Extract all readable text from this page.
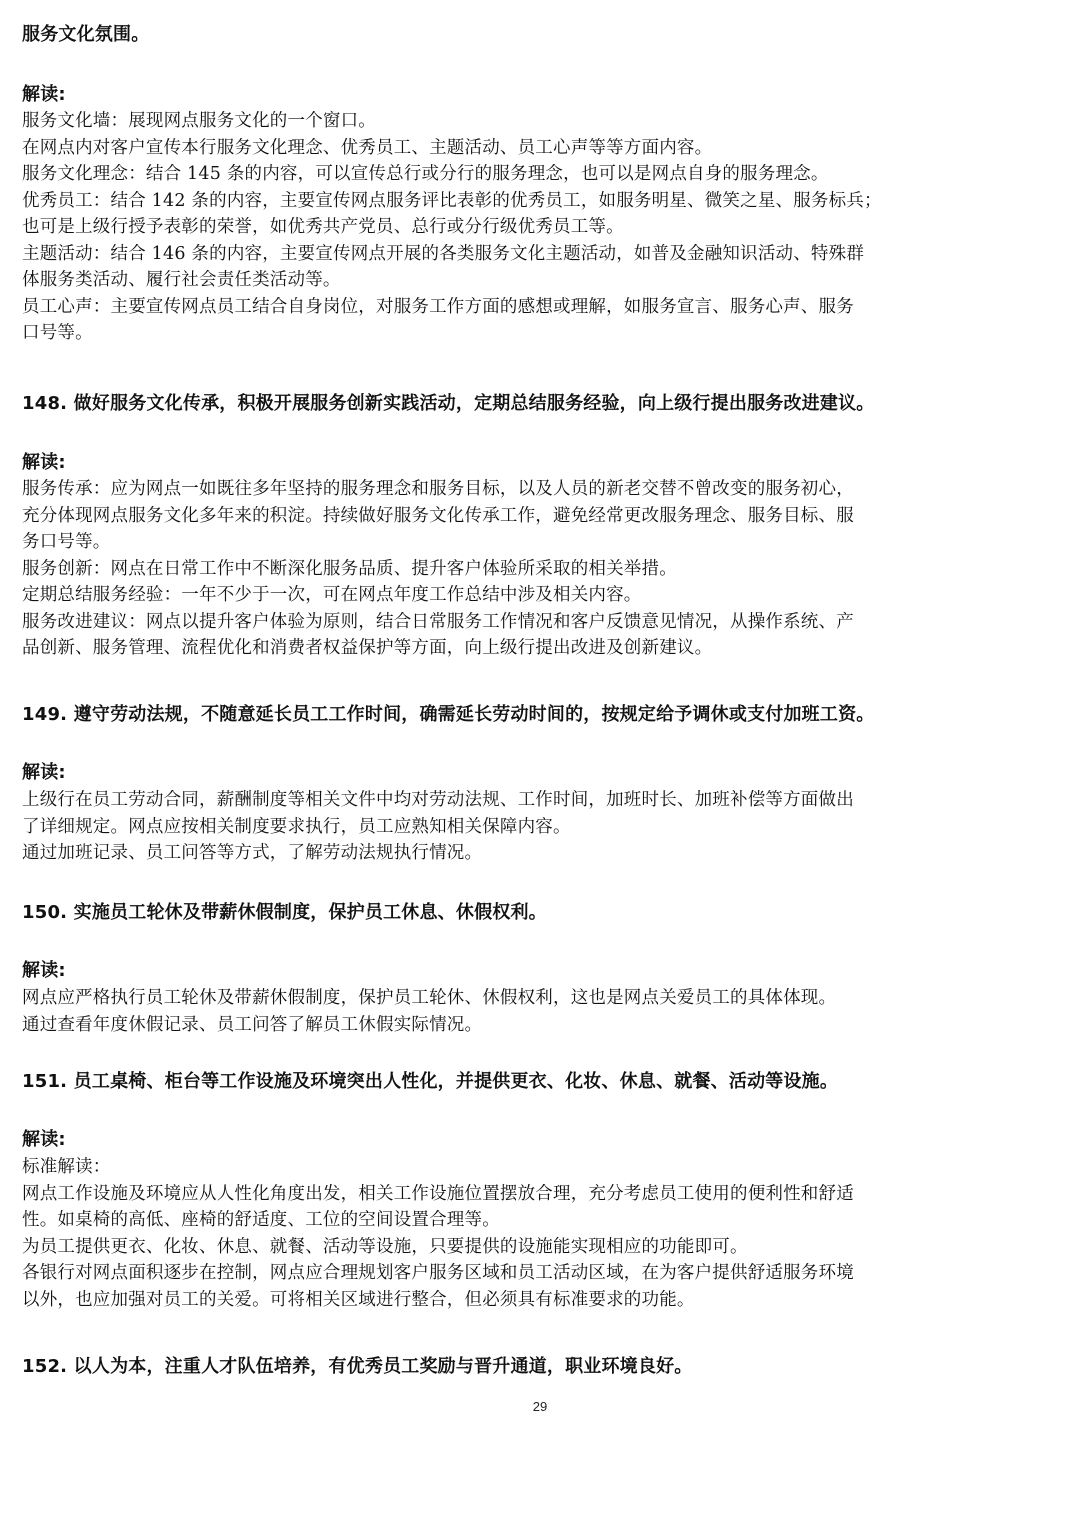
服务文化氛围。
解读:
服务文化墙：展现网点服务文化的一个窗口。
在网点内对客户宣传本行服务文化理念、优秀员工、主题活动、员工心声等等方面内容。
服务文化理念：结合 145 条的内容，可以宣传总行或分行的服务理念，也可以是网点自身的服务理念。
优秀员工：结合 142 条的内容，主要宣传网点服务评比表彰的优秀员工，如服务明星、微笑之星、服务标兵；
也可是上级行授予表彰的荣誉，如优秀共产党员、总行或分行级优秀员工等。
主题活动：结合 146 条的内容，主要宣传网点开展的各类服务文化主题活动，如普及金融知识活动、特殊群
体服务类活动、履行社会责任类活动等。
员工心声：主要宣传网点员工结合自身岗位，对服务工作方面的感想或理解，如服务宣言、服务心声、服务
口号等。
148. 做好服务文化传承，积极开展服务创新实践活动，定期总结服务经验，向上级行提出服务改进建议。
解读:
服务传承：应为网点一如既往多年坚持的服务理念和服务目标，以及人员的新老交替不曾改变的服务初心，
充分体现网点服务文化多年来的积淀。持续做好服务文化传承工作，避免经常更改服务理念、服务目标、服
务口号等。
服务创新：网点在日常工作中不断深化服务品质、提升客户体验所采取的相关举措。
定期总结服务经验：一年不少于一次，可在网点年度工作总结中涉及相关内容。
服务改进建议：网点以提升客户体验为原则，结合日常服务工作情况和客户反馈意见情况，从操作系统、产
品创新、服务管理、流程优化和消费者权益保护等方面，向上级行提出改进及创新建议。
149. 遵守劳动法规，不随意延长员工工作时间，确需延长劳动时间的，按规定给予调休或支付加班工资。
解读:
上级行在员工劳动合同，薪酬制度等相关文件中均对劳动法规、工作时间，加班时长、加班补偿等方面做出
了详细规定。网点应按相关制度要求执行，员工应熟知相关保障内容。
通过加班记录、员工问答等方式，了解劳动法规执行情况。
150. 实施员工轮休及带薪休假制度，保护员工休息、休假权利。
解读:
网点应严格执行员工轮休及带薪休假制度，保护员工轮休、休假权利，这也是网点关爱员工的具体体现。
通过查看年度休假记录、员工问答了解员工休假实际情况。
151. 员工桌椅、柜台等工作设施及环境突出人性化，并提供更衣、化妆、休息、就餐、活动等设施。
解读:
标准解读：
网点工作设施及环境应从人性化角度出发，相关工作设施位置摆放合理，充分考虑员工使用的便利性和舒适
性。如桌椅的高低、座椅的舒适度、工位的空间设置合理等。
为员工提供更衣、化妆、休息、就餐、活动等设施，只要提供的设施能实现相应的功能即可。
各银行对网点面积逐步在控制，网点应合理规划客户服务区域和员工活动区域，在为客户提供舒适服务环境
以外，也应加强对员工的关爱。可将相关区域进行整合，但必须具有标准要求的功能。
152. 以人为本，注重人才队伍培养，有优秀员工奖励与晋升通道，职业环境良好。
29
